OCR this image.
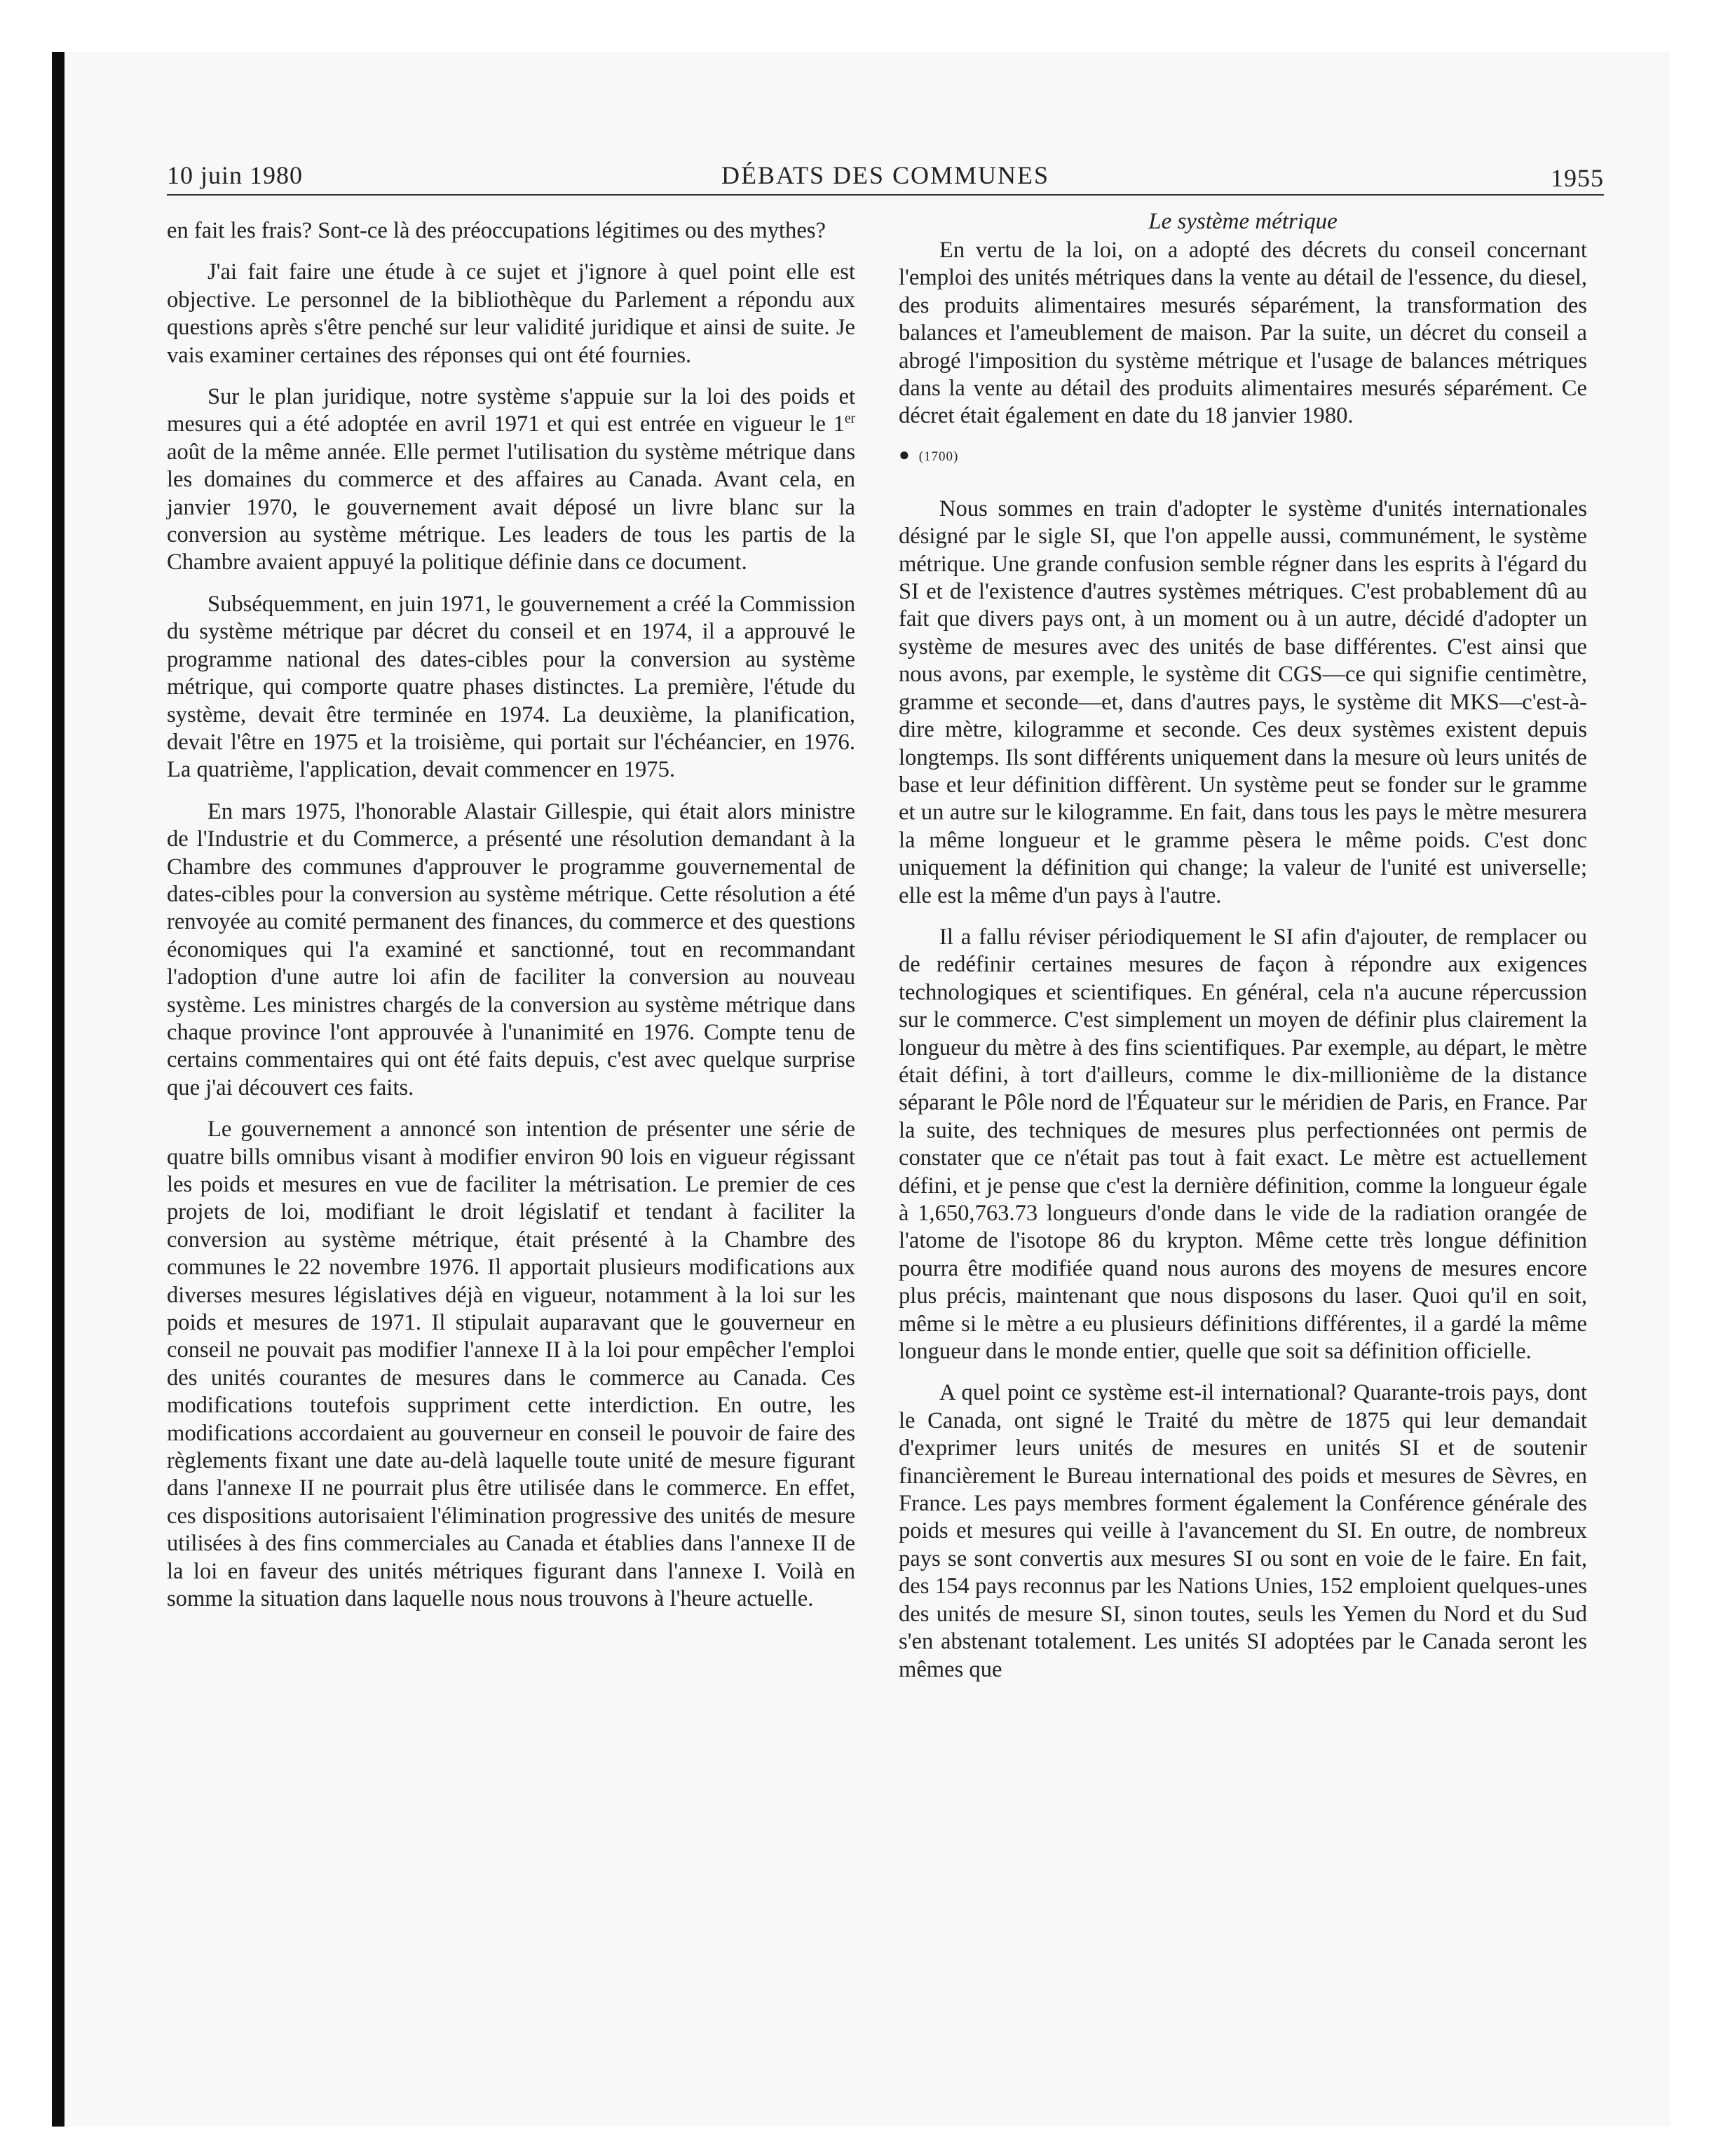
10 juin 1980	DÉBATS DES COMMUNES	1955

en fait les frais? Sont-ce là des préoccupations légitimes ou des mythes?

J'ai fait faire une étude à ce sujet et j'ignore à quel point elle est objective. Le personnel de la bibliothèque du Parlement a répondu aux questions après s'être penché sur leur validité juridique et ainsi de suite. Je vais examiner certaines des réponses qui ont été fournies.

Sur le plan juridique, notre système s'appuie sur la loi des poids et mesures qui a été adoptée en avril 1971 et qui est entrée en vigueur le 1er août de la même année. Elle permet l'utilisation du système métrique dans les domaines du commerce et des affaires au Canada. Avant cela, en janvier 1970, le gouvernement avait déposé un livre blanc sur la conversion au système métrique. Les leaders de tous les partis de la Chambre avaient appuyé la politique définie dans ce document.

Subséquemment, en juin 1971, le gouvernement a créé la Commission du système métrique par décret du conseil et en 1974, il a approuvé le programme national des dates-cibles pour la conversion au système métrique, qui comporte quatre phases distinctes. La première, l'étude du système, devait être terminée en 1974. La deuxième, la planification, devait l'être en 1975 et la troisième, qui portait sur l'échéancier, en 1976. La quatrième, l'application, devait commencer en 1975.

En mars 1975, l'honorable Alastair Gillespie, qui était alors ministre de l'Industrie et du Commerce, a présenté une résolution demandant à la Chambre des communes d'approuver le programme gouvernemental de dates-cibles pour la conversion au système métrique. Cette résolution a été renvoyée au comité permanent des finances, du commerce et des questions économiques qui l'a examiné et sanctionné, tout en recommandant l'adoption d'une autre loi afin de faciliter la conversion au nouveau système. Les ministres chargés de la conversion au système métrique dans chaque province l'ont approuvée à l'unanimité en 1976. Compte tenu de certains commentaires qui ont été faits depuis, c'est avec quelque surprise que j'ai découvert ces faits.

Le gouvernement a annoncé son intention de présenter une série de quatre bills omnibus visant à modifier environ 90 lois en vigueur régissant les poids et mesures en vue de faciliter la métrisation. Le premier de ces projets de loi, modifiant le droit législatif et tendant à faciliter la conversion au système métrique, était présenté à la Chambre des communes le 22 novembre 1976. Il apportait plusieurs modifications aux diverses mesures législatives déjà en vigueur, notamment à la loi sur les poids et mesures de 1971. Il stipulait auparavant que le gouverneur en conseil ne pouvait pas modifier l'annexe II à la loi pour empêcher l'emploi des unités courantes de mesures dans le commerce au Canada. Ces modifications toutefois suppriment cette interdiction. En outre, les modifications accordaient au gouverneur en conseil le pouvoir de faire des règlements fixant une date au-delà laquelle toute unité de mesure figurant dans l'annexe II ne pourrait plus être utilisée dans le commerce. En effet, ces dispositions autorisaient l'élimination progressive des unités de mesure utilisées à des fins commerciales au Canada et établies dans l'annexe II de la loi en faveur des unités métriques figurant dans l'annexe I. Voilà en somme la situation dans laquelle nous nous trouvons à l'heure actuelle.

Le système métrique

En vertu de la loi, on a adopté des décrets du conseil concernant l'emploi des unités métriques dans la vente au détail de l'essence, du diesel, des produits alimentaires mesurés séparément, la transformation des balances et l'ameublement de maison. Par la suite, un décret du conseil a abrogé l'imposition du système métrique et l'usage de balances métriques dans la vente au détail des produits alimentaires mesurés séparément. Ce décret était également en date du 18 janvier 1980.

● (1700)

Nous sommes en train d'adopter le système d'unités internationales désigné par le sigle SI, que l'on appelle aussi, communément, le système métrique. Une grande confusion semble régner dans les esprits à l'égard du SI et de l'existence d'autres systèmes métriques. C'est probablement dû au fait que divers pays ont, à un moment ou à un autre, décidé d'adopter un système de mesures avec des unités de base différentes. C'est ainsi que nous avons, par exemple, le système dit CGS—ce qui signifie centimètre, gramme et seconde—et, dans d'autres pays, le système dit MKS—c'est-à-dire mètre, kilogramme et seconde. Ces deux systèmes existent depuis longtemps. Ils sont différents uniquement dans la mesure où leurs unités de base et leur définition diffèrent. Un système peut se fonder sur le gramme et un autre sur le kilogramme. En fait, dans tous les pays le mètre mesurera la même longueur et le gramme pèsera le même poids. C'est donc uniquement la définition qui change; la valeur de l'unité est universelle; elle est la même d'un pays à l'autre.

Il a fallu réviser périodiquement le SI afin d'ajouter, de remplacer ou de redéfinir certaines mesures de façon à répondre aux exigences technologiques et scientifiques. En général, cela n'a aucune répercussion sur le commerce. C'est simplement un moyen de définir plus clairement la longueur du mètre à des fins scientifiques. Par exemple, au départ, le mètre était défini, à tort d'ailleurs, comme le dix-millionième de la distance séparant le Pôle nord de l'Équateur sur le méridien de Paris, en France. Par la suite, des techniques de mesures plus perfectionnées ont permis de constater que ce n'était pas tout à fait exact. Le mètre est actuellement défini, et je pense que c'est la dernière définition, comme la longueur égale à 1,650,763.73 longueurs d'onde dans le vide de la radiation orangée de l'atome de l'isotope 86 du krypton. Même cette très longue définition pourra être modifiée quand nous aurons des moyens de mesures encore plus précis, maintenant que nous disposons du laser. Quoi qu'il en soit, même si le mètre a eu plusieurs définitions différentes, il a gardé la même longueur dans le monde entier, quelle que soit sa définition officielle.

A quel point ce système est-il international? Quarante-trois pays, dont le Canada, ont signé le Traité du mètre de 1875 qui leur demandait d'exprimer leurs unités de mesures en unités SI et de soutenir financièrement le Bureau international des poids et mesures de Sèvres, en France. Les pays membres forment également la Conférence générale des poids et mesures qui veille à l'avancement du SI. En outre, de nombreux pays se sont convertis aux mesures SI ou sont en voie de le faire. En fait, des 154 pays reconnus par les Nations Unies, 152 emploient quelques-unes des unités de mesure SI, sinon toutes, seuls les Yemen du Nord et du Sud s'en abstenant totalement. Les unités SI adoptées par le Canada seront les mêmes que
